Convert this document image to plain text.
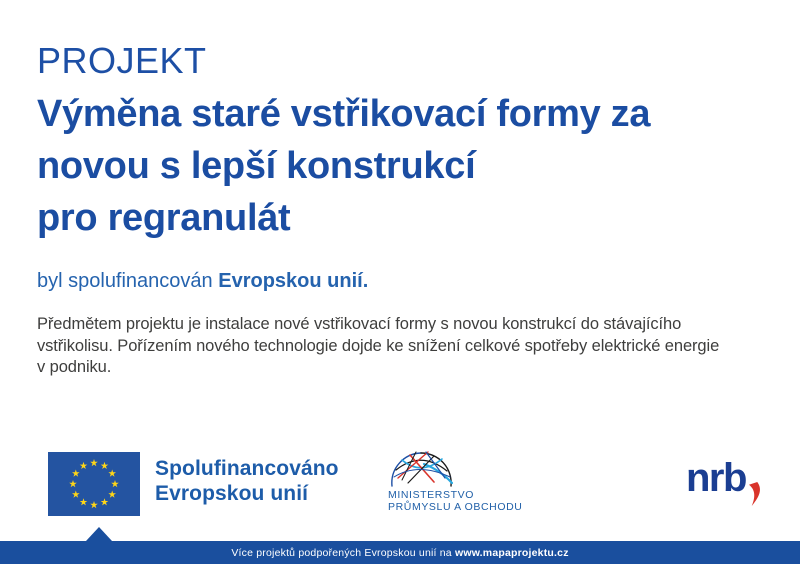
PROJEKT
Výměna staré vstřikovací formy za
novou s lepší konstrukcí
pro regranulát
byl spolufinancován Evropskou unií.
Předmětem projektu je instalace nové vstřikovací formy s novou konstrukcí do stávajícího
vstřikolisu. Pořízením nového technologie dojde ke snížení celkové spotřeby elektrické energie
v podniku.
Spolufinancováno
Evropskou unií	MINISTERSTVO
PRŮMYSLU A OBCHODU
nrb
Více projektů podpořených Evropskou unií na www.mapaprojektu.cz
